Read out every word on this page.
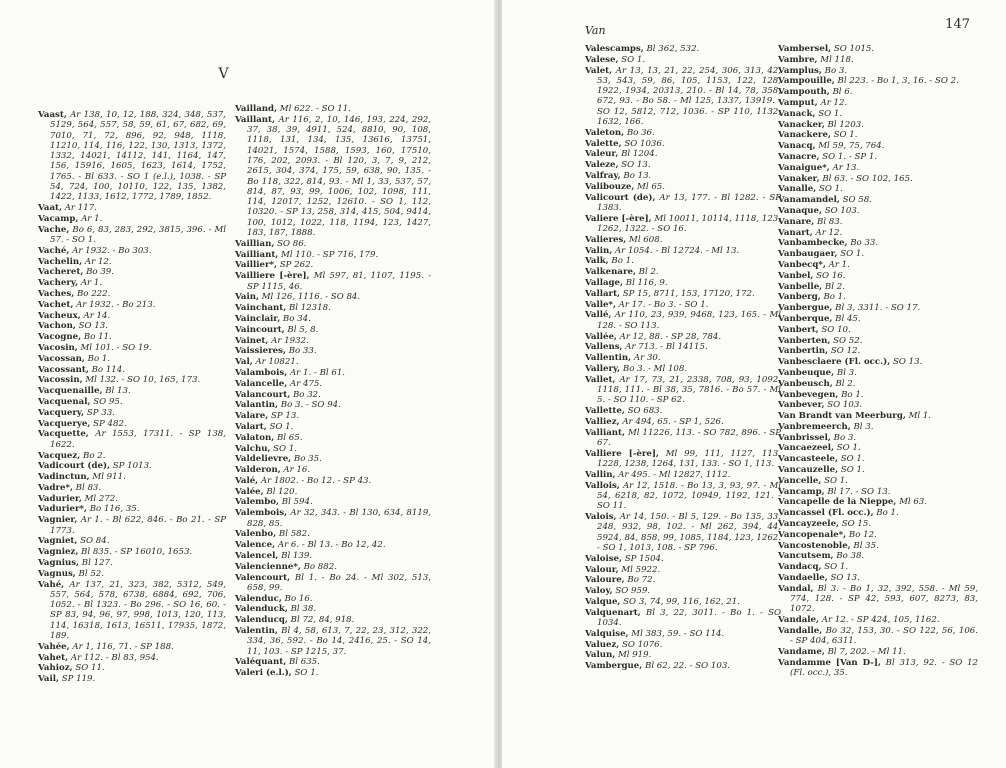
V

Vaast, Ar 138, 10, 12, 188, 324, 348, 537, 5129, 564, 557, 58, 59, 61, 67, 682, 69, 7010, 71, 72, 896, 92, 948, 1118, 11210, 114, 116, 122, 130, 1313, 1372, 1332, 14021, 14112, 141, 1164, 147, 156, 15916, 1605, 1623, 1614, 1752, 1765. - Bl 633. - SO 1 (e.l.), 1038. - SP 54, 724, 100, 10110, 122, 135, 1382, 1422, 1133, 1612, 1772, 1789, 1852.

Vaat, Ar 117.

Vacamp, Ar 1.

Vache, Bo 6, 83, 283, 292, 3815, 396. - Ml 57. - SO 1.

Vaché, Ar 1932. - Bo 303.

Vachelin, Ar 12.

Vacheret, Bo 39.

Vachery, Ar 1.

Vaches, Bo 222.

Vachet, Ar 1932. - Bo 213.

Vacheux, Ar 14.

Vachon, SO 13.

Vacogne, Bo 11.

Vacosin, Ml 101. - SO 19.

Vacossan, Bo 1.

Vacossant, Bo 114.

Vacossin, Ml 132. - SO 10, 165, 173.

Vacquenaille, Bl 13.

Vacquenal, SO 95.

Vacquery, SP 33.

Vacquerye, SP 482.

Vacquette, Ar 1553, 17311. - SP 138, 1622.

Vacquez, Bo 2.

Vadicourt (de), SP 1013.

Vadinctun, Ml 911.

Vadre*, Bl 83.

Vadurier, Ml 272.

Vadurier*, Bo 116, 35.

Vagnier, Ar 1. - Bl 622, 846. - Bo 21. - SP 1773.

Vagniet, SO 84.

Vagniez, Bl 835. - SP 16010, 1653.

Vagnius, Bl 127.

Vagnus, Bl 52.

Vahé, Ar 137, 21, 323, 382, 5312, 549, 557, 564, 578, 6738, 6884, 692, 706, 1052. - Bl 1323. - Bo 296. - SO 16, 60. - SP 83, 94, 96, 97, 998, 1013, 120, 113, 114, 16318, 1613, 16511, 17935, 1872, 189.

Vahée, Ar 1, 116, 71. - SP 188.

Vahet, Ar 112. - Bl 83, 954.

Vahioz, SO 11.

Vail, SP 119.

Vailland, Ml 622. - SO 11.

Vaillant, Ar 116, 2, 10, 146, 193, 224, 292, 37, 38, 39, 4911, 524, 8810, 90, 108, 1118, 131, 134, 135, 13616, 13751, 14021, 1574, 1588, 1593, 160, 17510, 176, 202, 2093. - Bl 120, 3, 7, 9, 212, 2615, 304, 374, 175, 59, 638, 90, 135. - Bo 118, 322, 814, 93. - Ml 1, 33, 537, 57, 814, 87, 93, 99, 1006, 102, 1098, 111, 114, 12017, 1252, 12610. - SO 1, 112, 10320. - SP 13, 258, 314, 415, 504, 9414, 100, 1012, 1022, 118, 1194, 123, 1427, 183, 187, 1888.

Vaillian, SO 86.

Vailliant, Ml 110. - SP 716, 179.

Vaillier*, SP 262.

Vailliere [-ère], Ml 597, 81, 1107, 1195. - SP 1115, 46.

Vain, Ml 126, 1116. - SO 84.

Vainchant, Bl 12318.

Vainclair, Bo 34.

Vaincourt, Bl 5, 8.

Vainet, Ar 1932.

Vaissieres, Bo 33.

Val, Ar 10821.

Valambois, Ar 1. - Bl 61.

Valancelle, Ar 475.

Valancourt, Bo 32.

Valantin, Bo 3. - SO 94.

Valare, SP 13.

Valart, SO 1.

Valaton, Bl 65.

Valchu, SO 1.

Valdelievre, Bo 35.

Valderon, Ar 16.

Valé, Ar 1802. - Bo 12. - SP 43.

Valée, Bl 120.

Valembo, Bl 594.

Valembois, Ar 32, 343. - Bl 130, 634, 8119, 828, 85.

Valenbo, Bl 582.

Valence, Ar 6. - Bl 13. - Bo 12, 42.

Valencel, Bl 139.

Valencienne*, Bo 882.

Valencourt, Bl 1. - Bo 24. - Ml 302, 513, 658, 99.

Valenduc, Bo 16.

Valenduck, Bl 38.

Valenducq, Bl 72, 84, 918.

Valentin, Bl 4, 58, 613, 7, 22, 23, 312, 322, 334, 36, 592. - Bo 14, 2416, 25. - SO 14, 11, 103. - SP 1215, 37.

Valéquant, Bl 635.

Valeri (e.l.), SO 1.

Van	147

Valescamps, Bl 362, 532.

Valese, SO 1.

Valet, Ar 13, 13, 21, 22, 254, 306, 313, 42, 53, 543, 59, 86, 105, 1153, 122, 128, 1922, 1934, 20313, 210. - Bl 14, 78, 358, 672, 93. - Bo 58. - Ml 125, 1337, 13919. - SO 12, 5812, 712, 1036. - SP 110, 1132, 1632, 166.

Valeton, Bo 36.

Valette, SO 1036.

Valeur, Bl 1204.

Valeze, SO 13.

Valfray, Bo 13.

Valibouze, Ml 65.

Valicourt (de), Ar 13, 177. - Bl 1282. - SP 1383.

Valiere [-ère], Ml 10011, 10114, 1118, 123, 1262, 1322. - SO 16.

Valieres, Ml 608.

Valin, Ar 1054. - Bl 12724. - Ml 13.

Valk, Bo 1.

Valkenare, Bl 2.

Vallage, Bl 116, 9.

Vallart, SP 15, 8711, 153, 17120, 172.

Valle*, Ar 17. - Bo 3. - SO 1.

Vallé, Ar 110, 23, 939, 9468, 123, 165. - Ml 128. - SO 113.

Vallée, Ar 12, 88. - SP 28, 784.

Vallens, Ar 713. - Bl 14115.

Vallentin, Ar 30.

Vallery, Bo 3. - Ml 108.

Vallet, Ar 17, 73, 21, 2338, 708, 93, 1092, 1118, 111. - Bl 38, 35, 7816. - Bo 57. - Ml 5. - SO 110. - SP 62.

Vallette, SO 683.

Valliez, Ar 494, 65. - SP 1, 526.

Valliant, Ml 11226, 113. - SO 782, 896. - SP 67.

Valliere [-ère], Ml 99, 111, 1127, 113, 1228, 1238, 1264, 131, 133. - SO 1, 113.

Vallin, Ar 495. - Ml 12827, 1112.

Vallois, Ar 12, 1518. - Bo 13, 3, 93, 97. - Ml 54, 6218, 82, 1072, 10949, 1192, 121. - SO 11.

Valois, Ar 14, 150. - Bl 5, 129. - Bo 135, 33, 248, 932, 98, 102. - Ml 262, 394, 44, 5924, 84, 858, 99, 1085, 1184, 123, 1262. - SO 1, 1013, 108. - SP 796.

Valoise, SP 1504.

Valour, Ml 5922.

Valoure, Bo 72.

Valoy, SO 959.

Valque, SO 3, 74, 99, 116, 162, 21.

Valquenart, Bl 3, 22, 3011. - Bo 1. - SO 1034.

Valquise, Ml 383, 59. - SO 114.

Valuez, SO 1076.

Valun, Ml 919.

Vambergue, Bl 62, 22. - SO 103.

Vambersel, SO 1015.

Vambre, Ml 118.

Vamplus, Bo 3.

Vampouille, Bl 223. - Bo 1, 3, 16. - SO 2.

Vampouth, Bl 6.

Vamput, Ar 12.

Vanack, SO 1.

Vanacker, Bl 1203.

Vanackere, SO 1.

Vanacq, Ml 59, 75, 764.

Vanacre, SO 1. - SP 1.

Vanaigue*, Ar 13.

Vanaker, Bl 63. - SO 102, 165.

Vanalle, SO 1.

Vanamandel, SO 58.

Vanaque, SO 103.

Vanare, Bl 83.

Vanart, Ar 12.

Vanbambecke, Bo 33.

Vanbaugaer, SO 1.

Vanbecq*, Ar 1.

Vanbel, SO 16.

Vanbelle, Bl 2.

Vanberg, Bo 1.

Vanbergue, Bl 3, 3311. - SO 17.

Vanberque, Bl 45.

Vanbert, SO 10.

Vanberten, SO 52.

Vanbertin, SO 12.

Vanbesclaere (Fl. occ.), SO 13.

Vanbeuque, Bl 3.

Vanbeusch, Bl 2.

Vanbevegen, Bo 1.

Vanbever, SO 103.

Van Brandt van Meerburg, Ml 1.

Vanbremeerch, Bl 3.

Vanbrissel, Bo 3.

Vancaezeel, SO 1.

Vancasteele, SO 1.

Vancauzelle, SO 1.

Vancelle, SO 1.

Vancamp, Bl 17. - SO 13.

Vancapelle de la Nieppe, Ml 63.

Vancassel (Fl. occ.), Bo 1.

Vancayzeele, SO 15.

Vancopenale*, Bo 12.

Vancostenoble, Bl 35.

Vancutsem, Bo 38.

Vandacq, SO 1.

Vandaelle, SO 13.

Vandal, Bl 3. - Bo 1, 32, 392, 558. - Ml 59, 774, 128. - SP 42, 593, 607, 8273, 83, 1072.

Vandale, Ar 12. - SP 424, 105, 1162.

Vandalle, Bo 32, 153, 30. - SO 122, 56, 106. - SP 404, 6311.

Vandame, Bl 7, 202. - Ml 11.

Vandamme [Van D-], Bl 313, 92. - SO 12 (Fl. occ.), 35.
